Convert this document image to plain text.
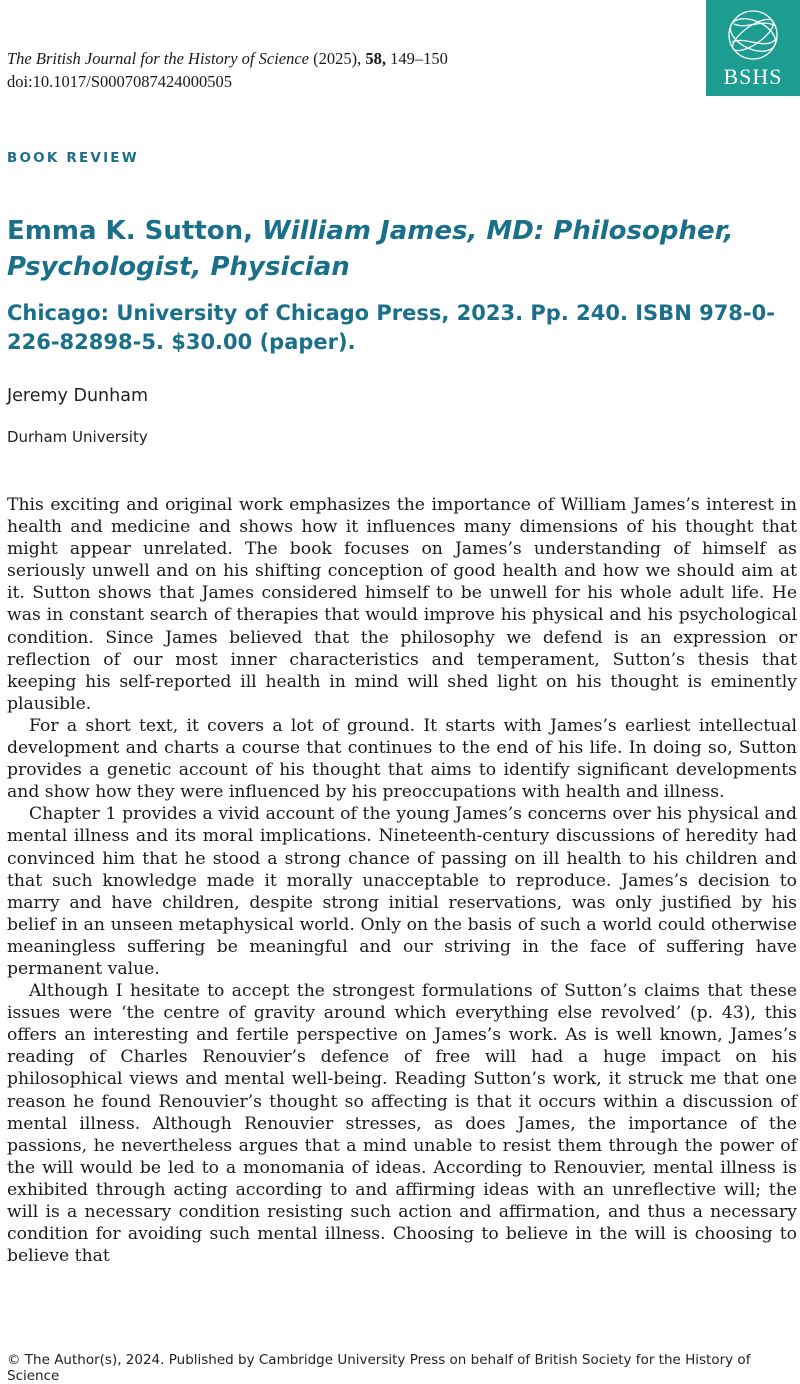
The British Journal for the History of Science (2025), 58, 149–150
doi:10.1017/S0007087424000505	BSHS
BOOK REVIEW
Emma K. Sutton, William James, MD: Philosopher, Psychologist, Physician
Chicago: University of Chicago Press, 2023. Pp. 240. ISBN 978-0-226-82898-5. $30.00 (paper).
Jeremy Dunham
Durham University

This exciting and original work emphasizes the importance of William James’s interest in health and medicine and shows how it influences many dimensions of his thought that might appear unrelated. The book focuses on James’s understanding of himself as seriously unwell and on his shifting conception of good health and how we should aim at it. Sutton shows that James considered himself to be unwell for his whole adult life. He was in constant search of therapies that would improve his physical and his psychological condition. Since James believed that the philosophy we defend is an expression or reflection of our most inner characteristics and temperament, Sutton’s thesis that keeping his self-reported ill health in mind will shed light on his thought is eminently plausible.

For a short text, it covers a lot of ground. It starts with James’s earliest intellectual development and charts a course that continues to the end of his life. In doing so, Sutton provides a genetic account of his thought that aims to identify significant developments and show how they were influenced by his preoccupations with health and illness.

Chapter 1 provides a vivid account of the young James’s concerns over his physical and mental illness and its moral implications. Nineteenth-century discussions of heredity had convinced him that he stood a strong chance of passing on ill health to his children and that such knowledge made it morally unacceptable to reproduce. James’s decision to marry and have children, despite strong initial reservations, was only justified by his belief in an unseen metaphysical world. Only on the basis of such a world could otherwise meaningless suffering be meaningful and our striving in the face of suffering have permanent value.

Although I hesitate to accept the strongest formulations of Sutton’s claims that these issues were ‘the centre of gravity around which everything else revolved’ (p. 43), this offers an interesting and fertile perspective on James’s work. As is well known, James’s reading of Charles Renouvier’s defence of free will had a huge impact on his philosophical views and mental well-being. Reading Sutton’s work, it struck me that one reason he found Renouvier’s thought so affecting is that it occurs within a discussion of mental illness. Although Renouvier stresses, as does James, the importance of the passions, he nevertheless argues that a mind unable to resist them through the power of the will would be led to a monomania of ideas. According to Renouvier, mental illness is exhibited through acting according to and affirming ideas with an unreflective will; the will is a necessary condition resisting such action and affirmation, and thus a necessary condition for avoiding such mental illness. Choosing to believe in the will is choosing to believe that

© The Author(s), 2024. Published by Cambridge University Press on behalf of British Society for the History of Science
